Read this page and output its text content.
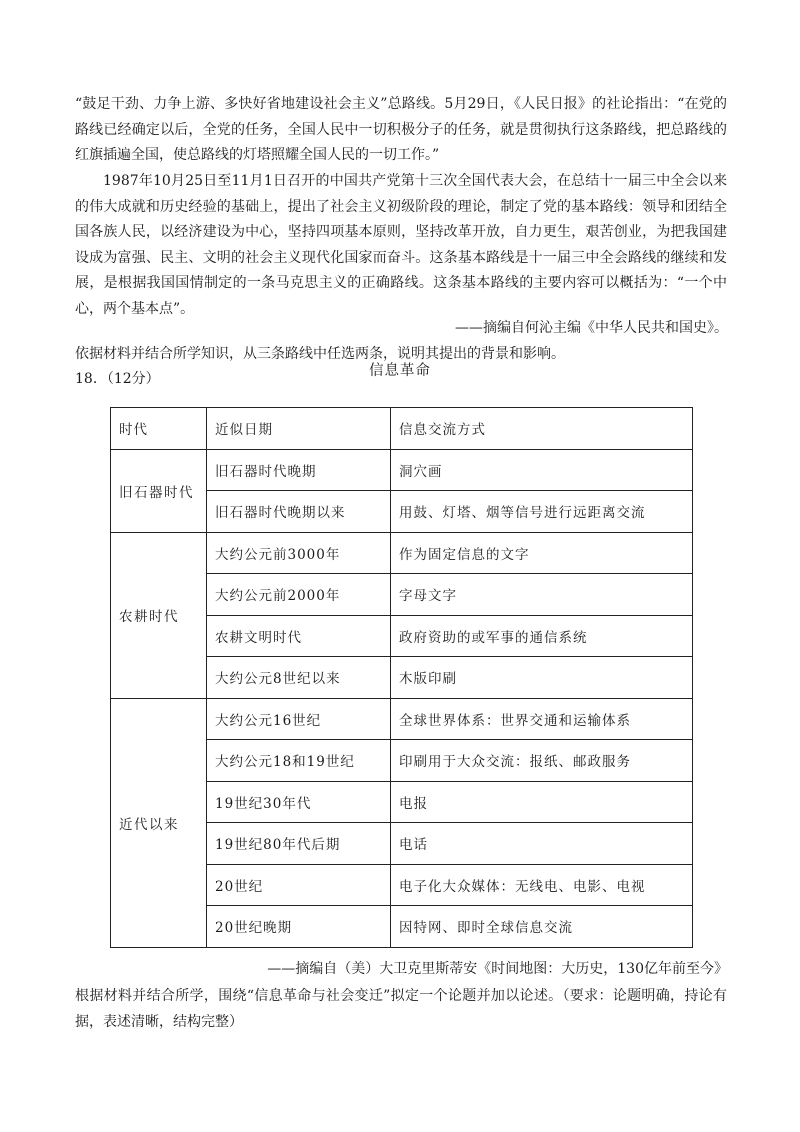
“鼓足干劲、力争上游、多快好省地建设社会主义”总路线。5月29日，《人民日报》的社论指出：“在党的路线已经确定以后，全党的任务，全国人民中一切积极分子的任务，就是贯彻执行这条路线，把总路线的红旗插遍全国，使总路线的灯塔照耀全国人民的一切工作。”
1987年10月25日至11月1日召开的中国共产党第十三次全国代表大会，在总结十一届三中全会以来的伟大成就和历史经验的基础上，提出了社会主义初级阶段的理论，制定了党的基本路线：领导和团结全国各族人民，以经济建设为中心，坚持四项基本原则，坚持改革开放，自力更生，艰苦创业，为把我国建设成为富强、民主、文明的社会主义现代化国家而奋斗。这条基本路线是十一届三中全会路线的继续和发展，是根据我国国情制定的一条马克思主义的正确路线。这条基本路线的主要内容可以概括为：“一个中心，两个基本点”。
——摘编自何沁主编《中华人民共和国史》。
依据材料并结合所学知识，从三条路线中任选两条，说明其提出的背景和影响。
18．（12分）	信息革命
时代	近似日期	信息交流方式
旧石器时代	旧石器时代晚期	洞穴画
	旧石器时代晚期以来	用鼓、灯塔、烟等信号进行远距离交流
农耕时代	大约公元前3000年	作为固定信息的文字
	大约公元前2000年	字母文字
	农耕文明时代	政府资助的或军事的通信系统
	大约公元8世纪以来	木版印刷
近代以来	大约公元16世纪	全球世界体系：世界交通和运输体系
	大约公元18和19世纪	印刷用于大众交流：报纸、邮政服务
	19世纪30年代	电报
	19世纪80年代后期	电话
	20世纪	电子化大众媒体：无线电、电影、电视
	20世纪晚期	因特网、即时全球信息交流
——摘编自（美）大卫克里斯蒂安《时间地图：大历史，130亿年前至今》
根据材料并结合所学，围绕“信息革命与社会变迁”拟定一个论题并加以论述。（要求：论题明确，持论有据，表述清晰，结构完整）
